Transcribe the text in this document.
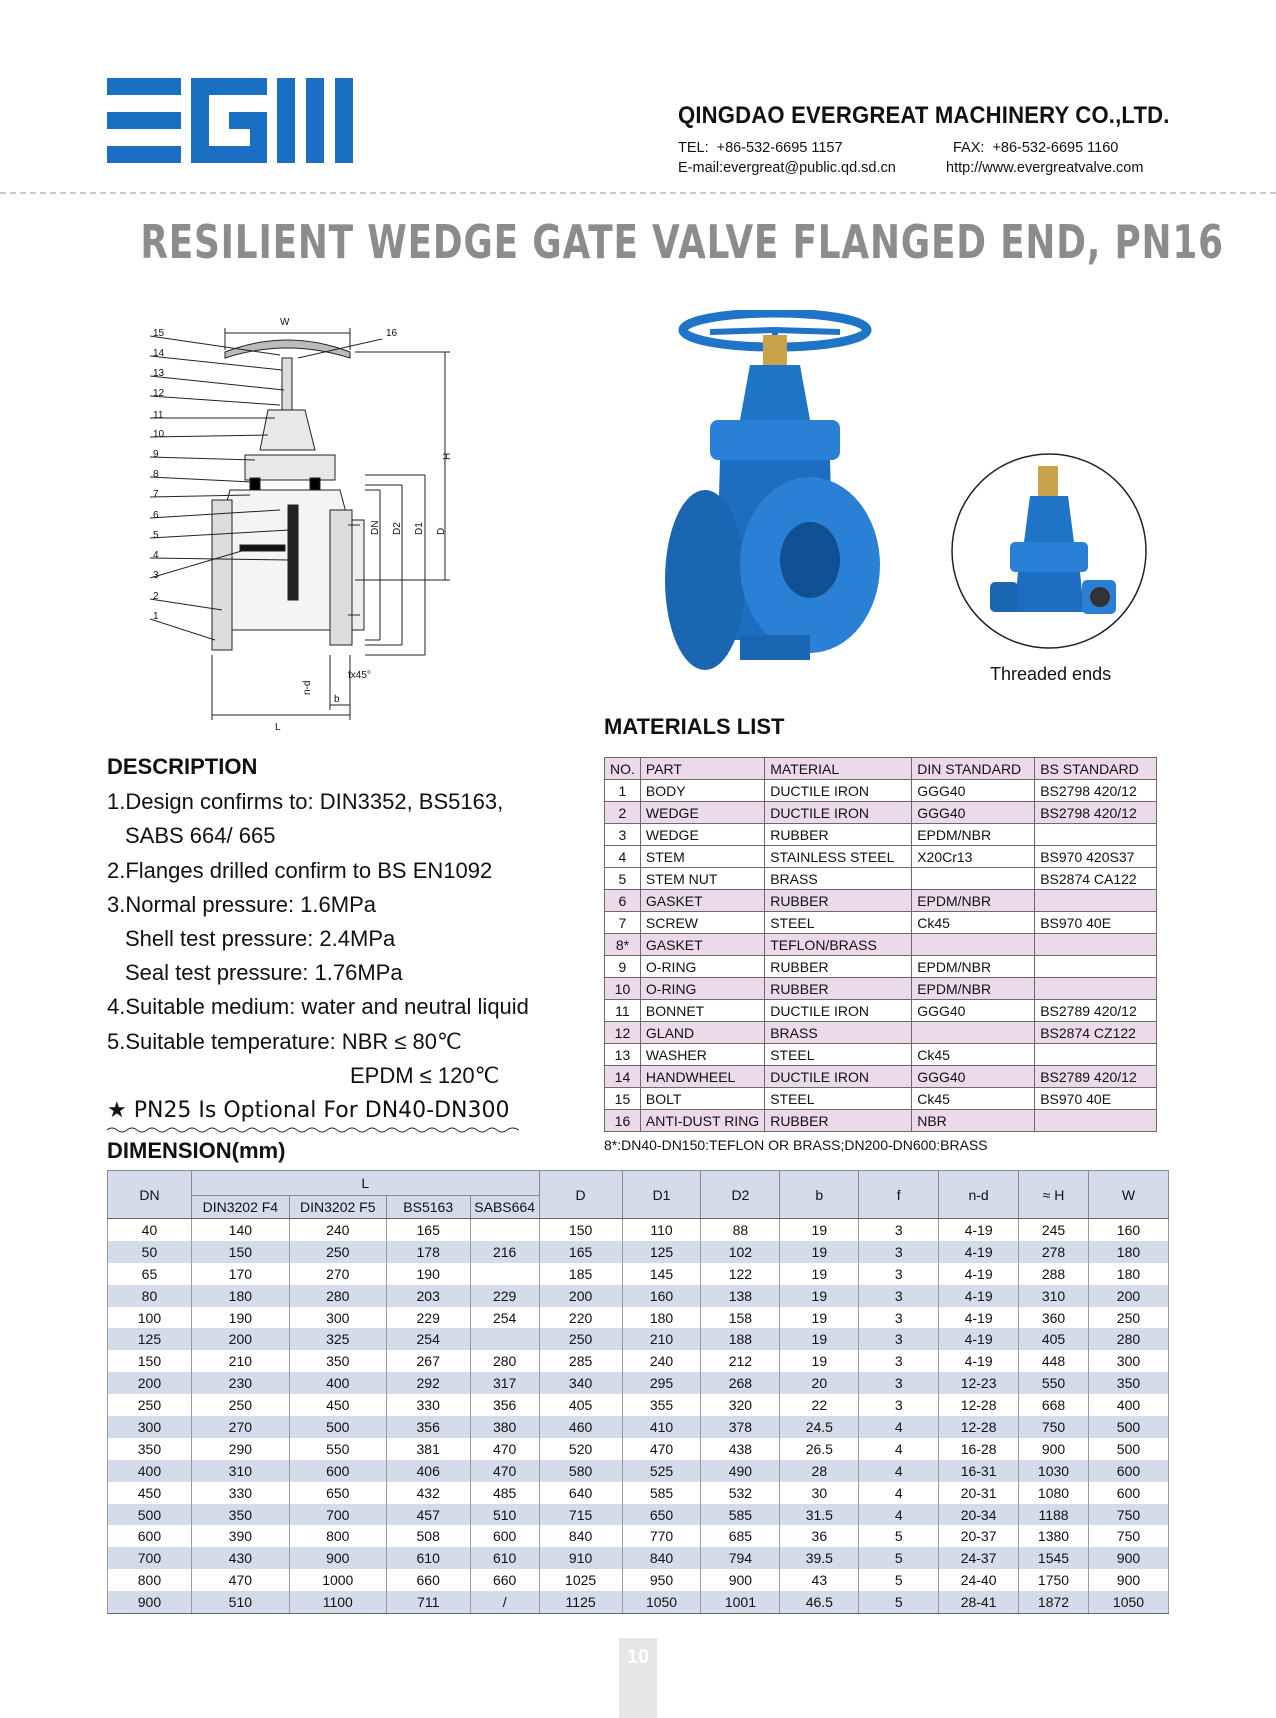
QINGDAO EVERGREAT MACHINERY CO.,LTD.
TEL: +86-532-6695 1157	FAX: +86-532-6695 1160
E-mail:evergreat@public.qd.sd.cn	http://www.evergreatvalve.com
RESILIENT WEDGE GATE VALVE FLANGED END, PN16
15
14
13
12
11
10
9
8
7
6
5
4
3
2
1
16
W
H
L
b
fx45°
n-d
DN D2 D1 D
Threaded ends
DESCRIPTION
1.Design confirms to: DIN3352, BS5163,
SABS 664/ 665
2.Flanges drilled confirm to BS EN1092
3.Normal pressure: 1.6MPa
Shell test pressure: 2.4MPa
Seal test pressure: 1.76MPa
4.Suitable medium: water and neutral liquid
5.Suitable temperature: NBR ≤ 80℃
EPDM ≤ 120℃
★ PN25 Is Optional For DN40-DN300
MATERIALS LIST
NO.	PART	MATERIAL	DIN STANDARD	BS STANDARD
1	BODY	DUCTILE IRON	GGG40	BS2798 420/12
2	WEDGE	DUCTILE IRON	GGG40	BS2798 420/12
3	WEDGE	RUBBER	EPDM/NBR	
4	STEM	STAINLESS STEEL	X20Cr13	BS970 420S37
5	STEM NUT	BRASS		BS2874 CA122
6	GASKET	RUBBER	EPDM/NBR	
7	SCREW	STEEL	Ck45	BS970 40E
8*	GASKET	TEFLON/BRASS		
9	O-RING	RUBBER	EPDM/NBR	
10	O-RING	RUBBER	EPDM/NBR	
11	BONNET	DUCTILE IRON	GGG40	BS2789 420/12
12	GLAND	BRASS		BS2874 CZ122
13	WASHER	STEEL	Ck45	
14	HANDWHEEL	DUCTILE IRON	GGG40	BS2789 420/12
15	BOLT	STEEL	Ck45	BS970 40E
16	ANTI-DUST RING	RUBBER	NBR	
8*:DN40-DN150:TEFLON OR BRASS;DN200-DN600:BRASS
DIMENSION(mm)
DN	L				D	D1	D2	b	f	n-d	≈ H	W
	DIN3202 F4	DIN3202 F5	BS5163	SABS664								
40	140	240	165		150	110	88	19	3	4-19	245	160
50	150	250	178	216	165	125	102	19	3	4-19	278	180
65	170	270	190		185	145	122	19	3	4-19	288	180
80	180	280	203	229	200	160	138	19	3	4-19	310	200
100	190	300	229	254	220	180	158	19	3	4-19	360	250
125	200	325	254		250	210	188	19	3	4-19	405	280
150	210	350	267	280	285	240	212	19	3	4-19	448	300
200	230	400	292	317	340	295	268	20	3	12-23	550	350
250	250	450	330	356	405	355	320	22	3	12-28	668	400
300	270	500	356	380	460	410	378	24.5	4	12-28	750	500
350	290	550	381	470	520	470	438	26.5	4	16-28	900	500
400	310	600	406	470	580	525	490	28	4	16-31	1030	600
450	330	650	432	485	640	585	532	30	4	20-31	1080	600
500	350	700	457	510	715	650	585	31.5	4	20-34	1188	750
600	390	800	508	600	840	770	685	36	5	20-37	1380	750
700	430	900	610	610	910	840	794	39.5	5	24-37	1545	900
800	470	1000	660	660	1025	950	900	43	5	24-40	1750	900
900	510	1100	711	/	1125	1050	1001	46.5	5	28-41	1872	1050
10
